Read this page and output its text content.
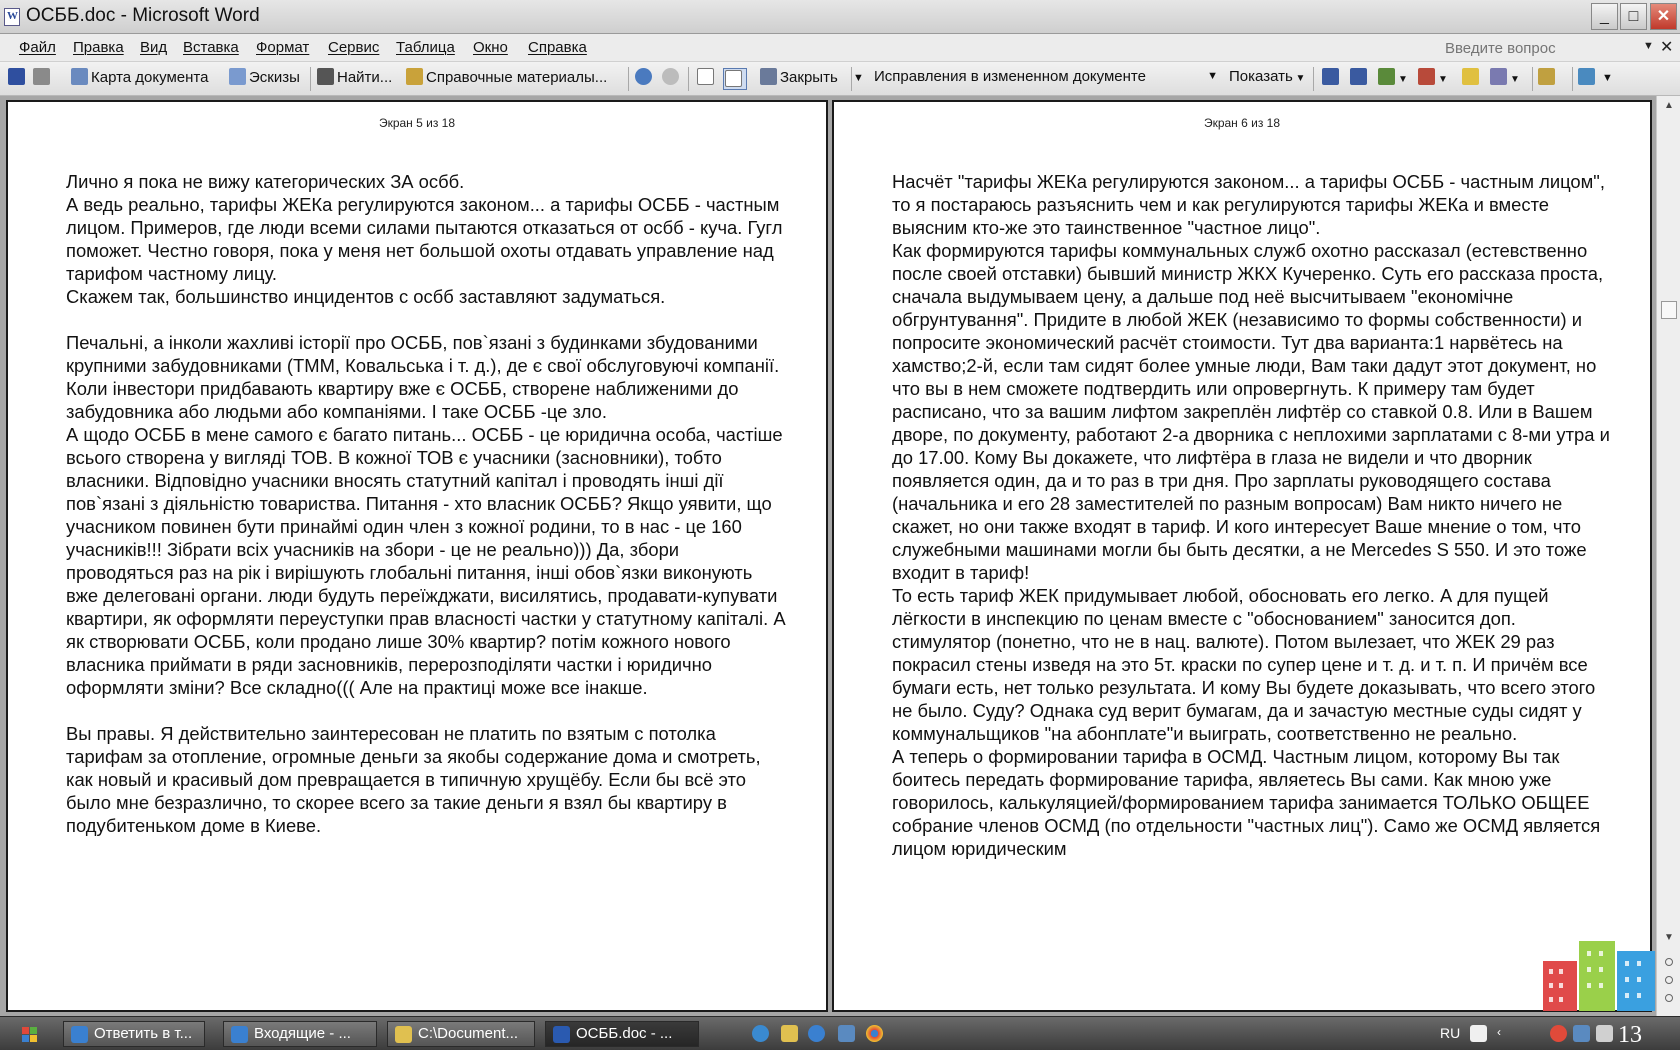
W
ОСББ.doc - Microsoft Word	_	□	✕
Файл Правка Вид Вставка Формат Сервис Таблица Окно Справка
Введите вопрос	▼ ✕
Карта документа	Эскизы	Найти...	Справочные материалы...	Закрыть ▼ Исправления в измененном документе	▼ Показать ▼	▼	▼	▼	▼
Экран 5 из 18

Лично я пока не вижу категорических ЗА осбб.

А ведь реально, тарифы ЖЕКа регулируются законом... а тарифы ОСББ - частным лицом. Примеров, где люди всеми силами пытаются отказаться от осбб - куча. Гугл поможет. Честно говоря, пока у меня нет большой охоты отдавать управление над тарифом частному лицу.

Скажем так, большинство инцидентов с осбб заставляют задуматься.

Печальні, а інколи жахливі історії про ОСББ, пов`язані з будинками збудованими крупними забудовниками (ТММ, Ковальська і т. д.), де є свої обслуговуючі компанії. Коли інвестори придбавають квартиру вже є ОСББ, створене наближеними до забудовника або людьми або компаніями. І таке ОСББ -це зло.

А щодо ОСББ в мене самого є багато питань... ОСББ - це юридична особа, частіше всього створена у вигляді ТОВ. В кожної ТОВ є учасники (засновники), тобто власники. Відповідно учасники вносять статутний капітал і проводять інші дії пов`язані з діяльністю товариства. Питання - хто власник ОСББ? Якщо уявити, що учасником повинен бути принаймі один член з кожної родини, то в нас - це 160 учасників!!! Зібрати всіх учасників на збори - це не реально))) Да, збори проводяться раз на рік і вирішують глобальні питання, інші обов`язки виконують вже делеговані органи. люди будуть переїжджати, висилятись, продавати-купувати квартири, як оформляти переуступки прав власності частки у статутному капіталі. А як створювати ОСББ, коли продано лише 30% квартир? потім кожного нового власника приймати в ряди засновників, перерозподіляти частки і юридично оформляти зміни? Все складно((( Але на практиці може все інакше.

Вы правы. Я действительно заинтересован не платить по взятым с потолка тарифам за отопление, огромные деньги за якобы содержание дома и смотреть, как новый и красивый дом превращается в типичную хрущёбу. Если бы всё это было мне безразлично, то скорее всего за такие деньги я взял бы квартиру в подубитеньком доме в Киеве.

Экран 6 из 18

Насчёт "тарифы ЖЕКа регулируются законом... а тарифы ОСББ - частным лицом", то я постараюсь разъяснить чем и как регулируются тарифы ЖЕКа и вместе выясним кто-же это таинственное "частное лицо".

Как формируются тарифы коммунальных служб охотно рассказал (естевственно после своей отставки) бывший министр ЖКХ Кучеренко. Суть его рассказа проста, сначала выдумываем цену, а дальше под неё высчитываем "економічне обгрунтування". Придите в любой ЖЕК (независимо то формы собственности) и попросите экономический расчёт стоимости. Тут два варианта:1 нарвётесь на хамство;2-й, если там сидят более умные люди, Вам таки дадут этот документ, но что вы в нем сможете подтвердить или опровергнуть. К примеру там будет расписано, что за вашим лифтом закреплён лифтёр со ставкой 0.8. Или в Вашем дворе, по документу, работают 2-а дворника с неплохими зарплатами с 8-ми утра и до 17.00. Кому Вы докажете, что лифтёра в глаза не видели и что дворник появляется один, да и то раз в три дня. Про зарплаты руководящего состава (начальника и его 28 заместителей по разным вопросам) Вам никто ничего не скажет, но они также входят в тариф. И кого интересует Ваше мнение о том, что служебными машинами могли бы быть десятки, а не Mercedes S 550. И это тоже входит в тариф!

То есть тариф ЖЕК придумывает любой, обосновать его легко. А для пущей лёгкости в инспекцию по ценам вместе с "обоснованием" заносится доп. стимулятор (понетно, что не в нац. валюте). Потом вылезает, что ЖЕК 29 раз покрасил стены изведя на это 5т. краски по супер цене и т. д. и т. п. И причём все бумаги есть, нет только результата. И кому Вы будете доказывать, что всего этого не было. Суду? Однака суд верит бумагам, да и зачастую местные суды сидят у коммунальщиков "на абонплате"и выиграть, соответственно не реально.

А теперь о формировании тарифа в ОСМД. Частным лицом, которому Вы так боитесь передать формирование тарифа, являетесь Вы сами. Как мною уже говорилось, калькуляцией/формированием тарифа занимается ТОЛЬКО ОБЩЕЕ собрание членов ОСМД (по отдельности "частных лиц"). Само же ОСМД является лицом юридическим

▲
▼
Ответить в т...	Входящие - ...	C:\Document...	ОСББ.doc - ...	RU	‹	13
